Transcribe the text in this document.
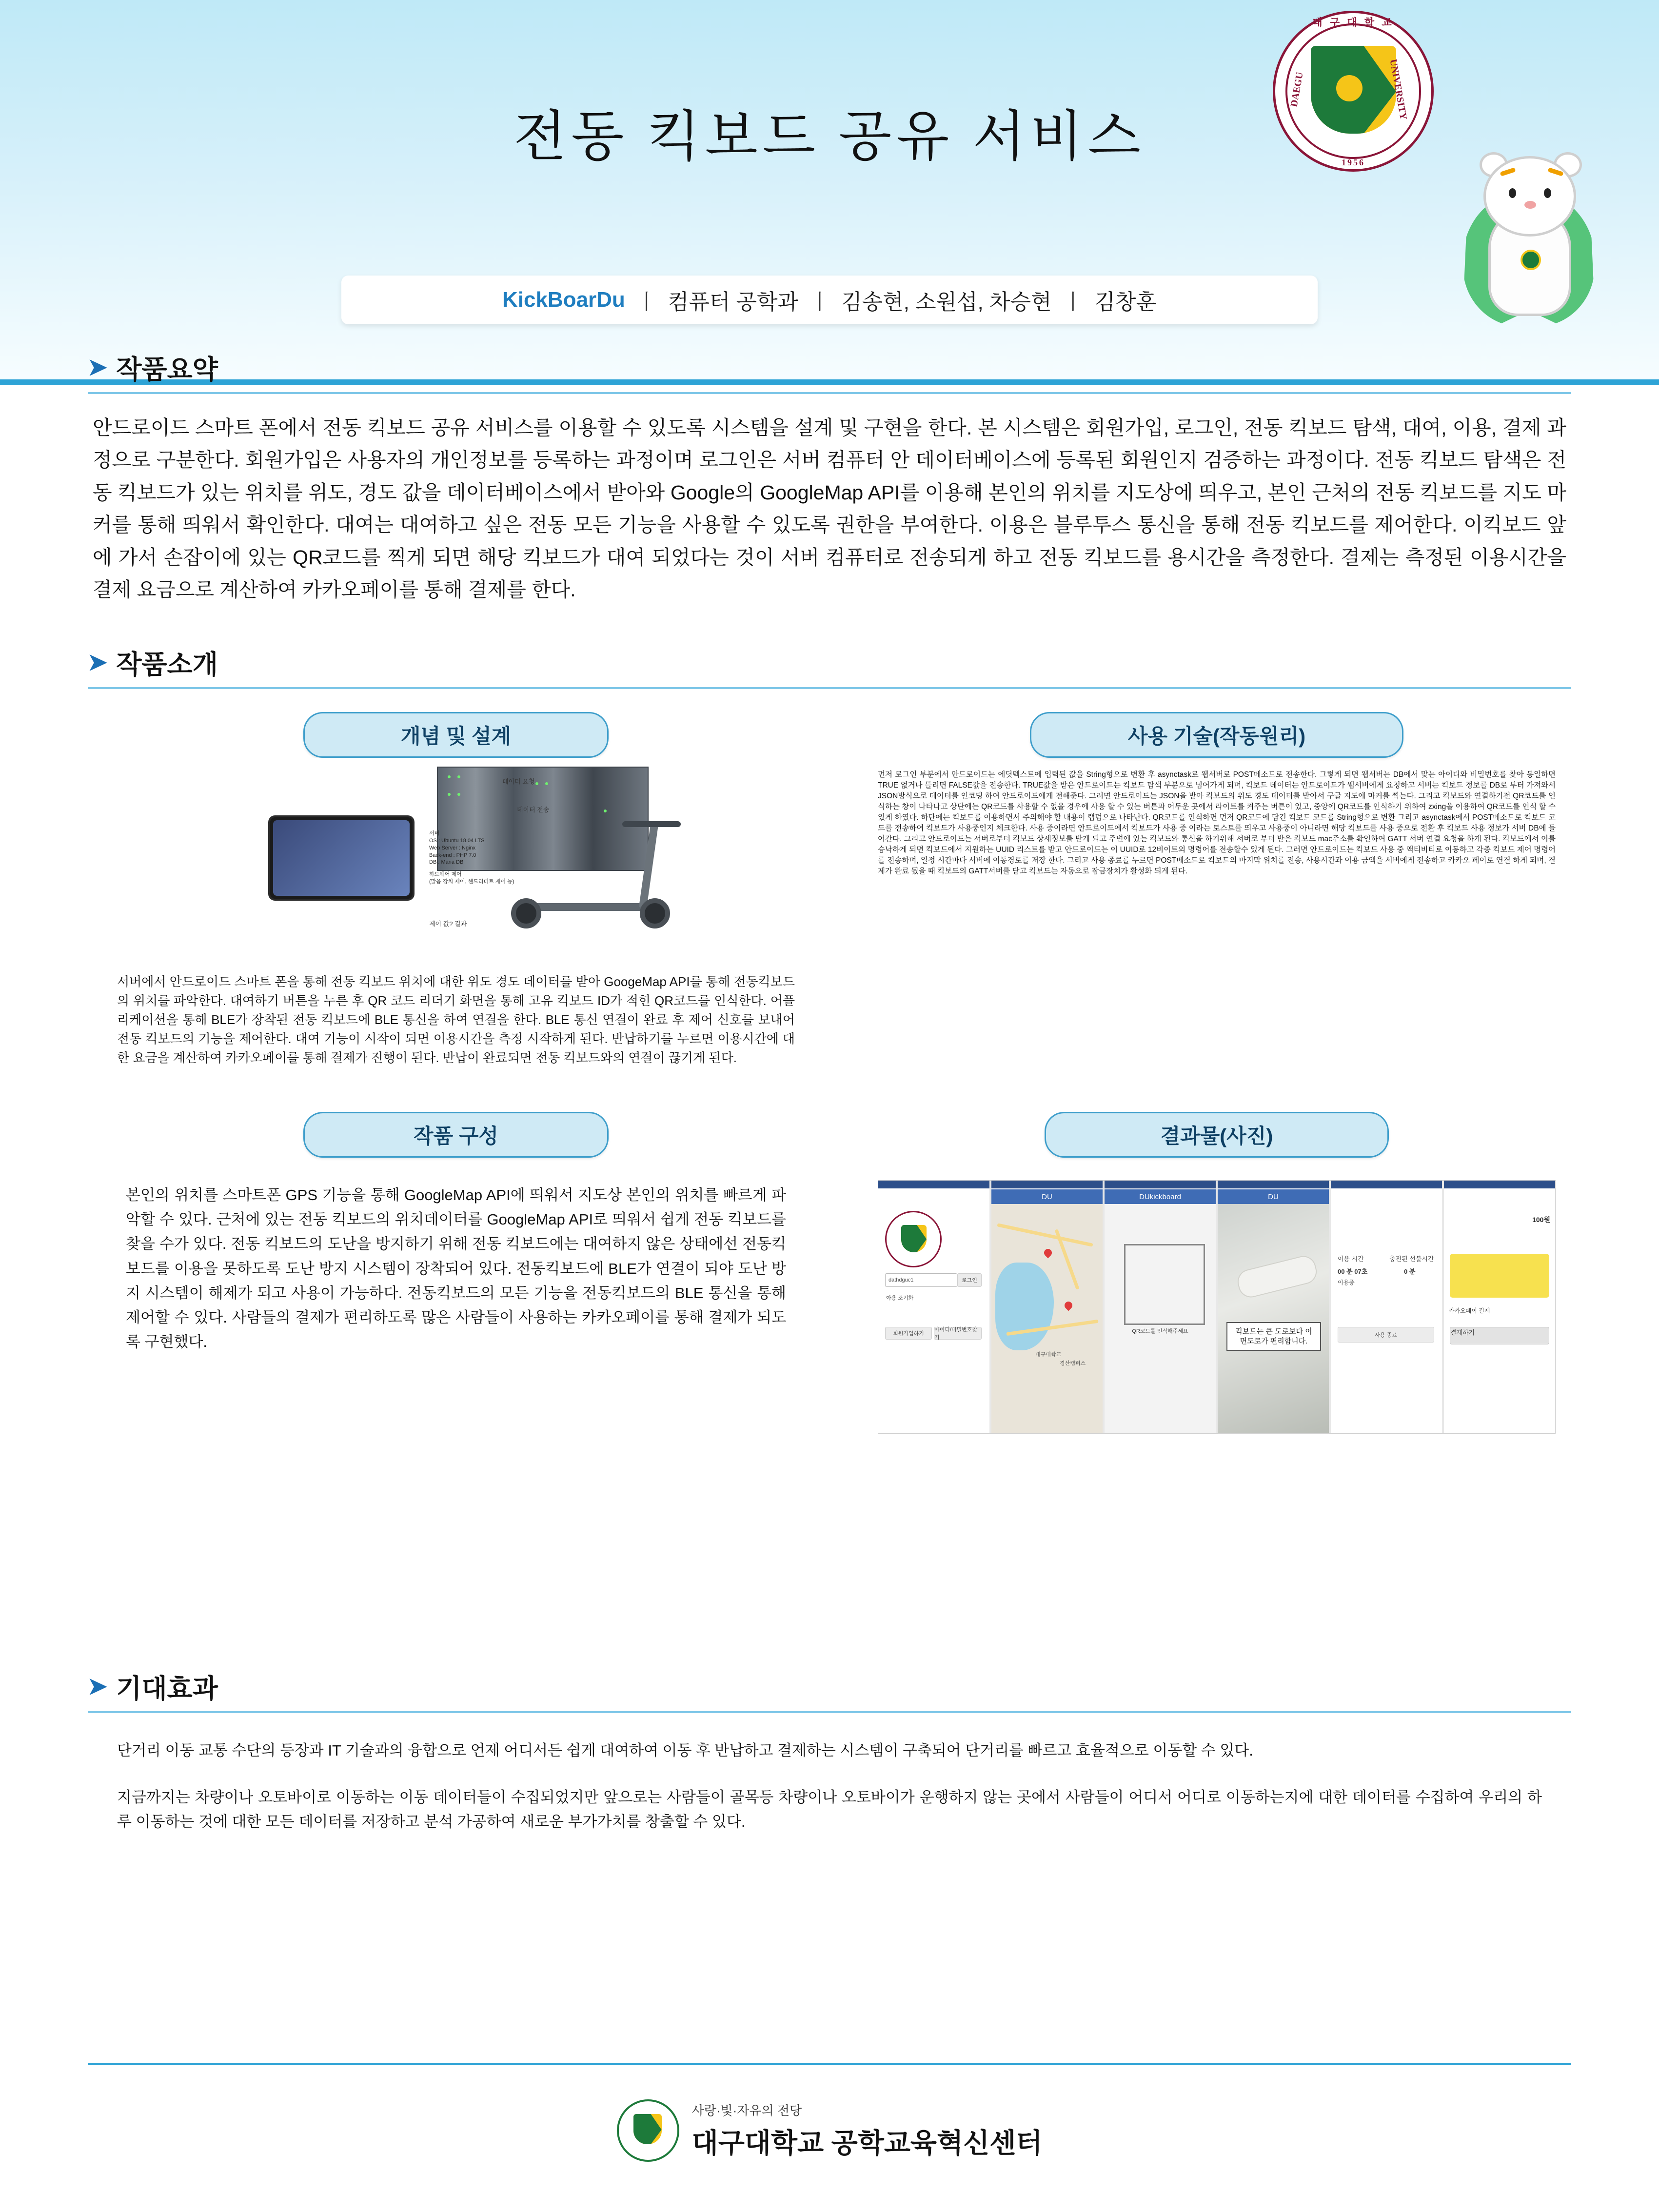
전동 킥보드 공유 서비스
KickBoarDu 丨 컴퓨터 공학과 丨 김송현, 소원섭, 차승현 丨 김창훈
대 구 대 학 교
DAEGU	UNIVERSITY
1956
➤ 작품요약
안드로이드 스마트 폰에서 전동 킥보드 공유 서비스를 이용할 수 있도록 시스템을 설계 및 구현을 한다. 본 시스템은 회원가입, 로그인, 전동 킥보드 탐색, 대여, 이용, 결제 과정으로 구분한다. 회원가입은 사용자의 개인정보를 등록하는 과정이며 로그인은 서버 컴퓨터 안 데이터베이스에 등록된 회원인지 검증하는 과정이다. 전동 킥보드 탐색은 전동 킥보드가 있는 위치를 위도, 경도 값을 데이터베이스에서 받아와 Google의 GoogleMap API를 이용해 본인의 위치를 지도상에 띄우고, 본인 근처의 전동 킥보드를 지도 마커를 통해 띄워서 확인한다. 대여는 대여하고 싶은 전동 모든 기능을 사용할 수 있도록 권한을 부여한다. 이용은 블루투스 통신을 통해 전동 킥보드를 제어한다. 이킥보드 앞에 가서 손잡이에 있는 QR코드를 찍게 되면 해당 킥보드가 대여 되었다는 것이 서버 컴퓨터로 전송되게 하고 전동 킥보드를 용시간을 측정한다. 결제는 측정된 이용시간을 결제 요금으로 계산하여 카카오페이를 통해 결제를 한다.
➤ 작품소개
개념 및 설계
데이터 요청
데이터 전송
제어 값? 결과
서버
OS : Ubuntu 18.04 LTS
Web Server : Nginx
Back-end : PHP 7.0
DB : Maria DB
하드웨어 제어
(맑음 장치 제어, 핸드리더트 제어 등)
서버에서 안드로이드 스마트 폰을 통해 전동 킥보드 위치에 대한 위도 경도 데이터를 받아 GoogeMap API를 통해 전동킥보드의 위치를 파악한다. 대여하기 버튼을 누른 후 QR 코드 리더기 화면을 통해 고유 킥보드 ID가 적힌 QR코드를 인식한다. 어플리케이션을 통해 BLE가 장착된 전동 킥보드에 BLE 통신을 하여 연결을 한다. BLE 통신 연결이 완료 후 제어 신호를 보내어 전동 킥보드의 기능을 제어한다. 대여 기능이 시작이 되면 이용시간을 측정 시작하게 된다. 반납하기를 누르면 이용시간에 대한 요금을 계산하여 카카오페이를 통해 결제가 진행이 된다. 반납이 완료되면 전동 킥보드와의 연결이 끊기게 된다.
작품 구성
본인의 위치를 스마트폰 GPS 기능을 통해 GoogleMap API에 띄워서 지도상 본인의 위치를 빠르게 파악할 수 있다. 근처에 있는 전동 킥보드의 위치데이터를 GoogleMap API로 띄워서 쉽게 전동 킥보드를 찾을 수가 있다. 전동 킥보드의 도난을 방지하기 위해 전동 킥보드에는 대여하지 않은 상태에선 전동킥보드를 이용을 못하도록 도난 방지 시스템이 장착되어 있다. 전동킥보드에 BLE가 연결이 되야 도난 방지 시스템이 해제가 되고 사용이 가능하다. 전동킥보드의 모든 기능을 전동킥보드의 BLE 통신을 통해 제어할 수 있다. 사람들의 결제가 편리하도록 많은 사람들이 사용하는 카카오페이를 통해 결제가 되도록 구현했다.
사용 기술(작동원리)
먼저 로그인 부분에서 안드로이드는 에딧텍스트에 입력된 값을 String형으로 변환 후 asynctask로 웹서버로 POST메소드로 전송한다. 그렇게 되면 웹서버는 DB에서 맞는 아이디와 비밀번호를 찾아 동일하면 TRUE 없거나 틀리면 FALSE값을 전송한다. TRUE값을 받은 안드로이드는 킥보드 탐색 부분으로 넘어가게 되며, 킥보드 데이터는 안드로이드가 웹서버에게 요청하고 서버는 킥보드 정보를 DB로 부터 가져와서 JSON방식으로 데이터를 인코딩 하여 안드로이드에게 전해준다. 그러면 안드로이드는 JSON을 받아 킥보드의 위도 경도 데이터를 받아서 구글 지도에 마커를 찍는다. 그리고 킥보드와 연결하기전 QR코드를 인식하는 창이 나타나고 상단에는 QR코드를 사용할 수 없을 경우에 사용 할 수 있는 버튼과 어두운 곳에서 라이트를 켜주는 버튼이 있고, 중앙에 QR코드를 인식하기 위하여 zxing을 이용하여 QR코드를 인식 할 수 있게 하였다. 하단에는 킥보드를 이용하면서 주의해야 할 내용이 랩덤으로 나타난다. QR코드를 인식하면 먼저 QR코드에 담긴 킥보드 코드를 String형으로 변환 그리고 asynctask에서 POST메소드로 킥보드 코드를 전송하여 킥보드가 사용중인지 체크한다. 사용 중이라면 안드로이드에서 킥보드가 사용 중 이라는 토스트를 띄우고 사용중이 아니라면 해당 킥보드를 사용 중으로 전환 후 킥보드 사용 정보가 서버 DB에 들어간다. 그리고 안드로이드는 서버로부터 킥보드 상세정보를 받게 되고 주변에 있는 킥보드와 통신을 하기위해 서버로 부터 받은 킥보드 mac주소를 확인하여 GATT 서버 연결 요청을 하게 된다. 킥보드에서 이를 승낙하게 되면 킥보드에서 지원하는 UUID 리스트를 받고 안드로이드는 이 UUID로 12비이트의 명령어를 전송할수 있게 된다. 그러면 안드로이드는 킥보드 사용 중 액티비티로 이동하고 각종 킥보드 제어 명령어를 전송하며, 일정 시간마다 서버에 이동경로를 저장 한다. 그리고 사용 종료를 누르면 POST메소드로 킥보드의 마지막 위치를 전송, 사용시간과 이용 금액을 서버에게 전송하고 카카오 페이로 연결 하게 되며, 결제가 완료 됬을 때 킥보드의 GATT서버를 닫고 킥보드는 자동으로 잠금장치가 활성화 되게 된다.
결과물(사진)
dathdguc1	로그인
아용 조기화
회원가입하기
아이디/비밀번호찾기
DU
대구대학교
경산캠퍼스
DUkickboard
QR코드를 인식해주세요
DU
킥보드는 큰 도로보다 이면도로가 편리합니다.
이용 시간	충전된 선불시간
00 분 07초	0 분
이용중
사용 종료
100원
카카오페이 결제
결제하기
➤ 기대효과

단거리 이동 교통 수단의 등장과 IT 기술과의 융합으로 언제 어디서든 쉽게 대여하여 이동 후 반납하고 결제하는 시스템이 구축되어 단거리를 빠르고 효율적으로 이동할 수 있다.

지금까지는 차량이나 오토바이로 이동하는 이동 데이터들이 수집되었지만 앞으로는 사람들이 골목등 차량이나 오토바이가 운행하지 않는 곳에서 사람들이 어디서 어디로 이동하는지에 대한 데이터를 수집하여 우리의 하루 이동하는 것에 대한 모든 데이터를 저장하고 분석 가공하여 새로운 부가가치를 창출할 수 있다.

사랑·빛·자유의 전당
대구대학교 공학교육혁신센터
